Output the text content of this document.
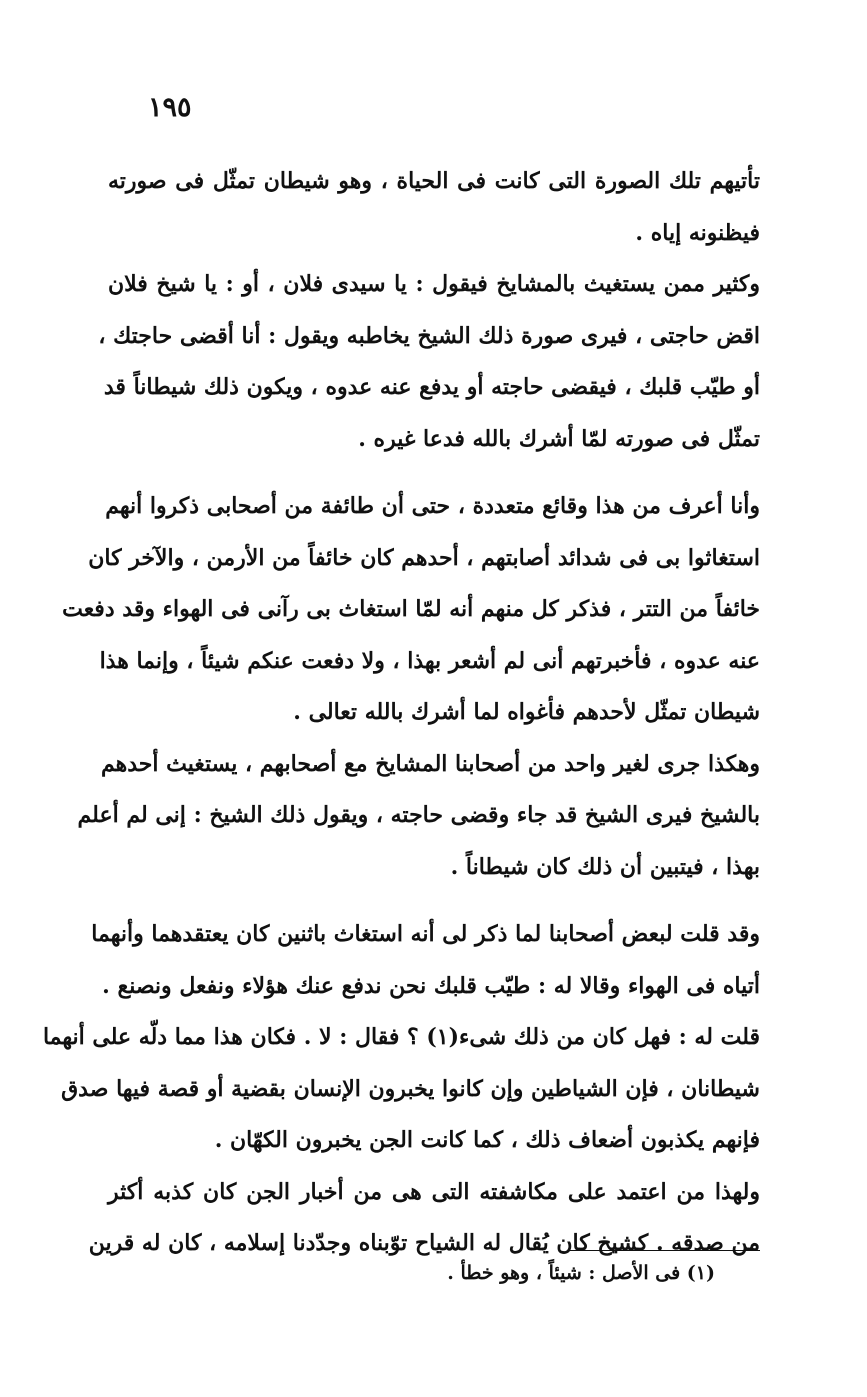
١٩٥
تأتيهم تلك الصورة التى كانت فى الحياة ، وهو شيطان تمثّل فى صورته
فيظنونه إياه .
وكثير ممن يستغيث بالمشايخ فيقول : يا سيدى فلان ، أو : يا شيخ فلان
اقض حاجتى ، فيرى صورة ذلك الشيخ يخاطبه ويقول : أنا أقضى حاجتك ،
أو طيّب قلبك ، فيقضى حاجته أو يدفع عنه عدوه ، ويكون ذلك شيطاناً قد
تمثّل فى صورته لمّا أشرك بالله فدعا غيره .
وأنا أعرف من هذا وقائع متعددة ، حتى أن طائفة من أصحابى ذكروا أنهم
استغاثوا بى فى شدائد أصابتهم ، أحدهم كان خائفاً من الأرمن ، والآخر كان
خائفاً من التتر ، فذكر كل منهم أنه لمّا استغاث بى رآنى فى الهواء وقد دفعت
عنه عدوه ، فأخبرتهم أنى لم أشعر بهذا ، ولا دفعت عنكم شيئاً ، وإنما هذا
شيطان تمثّل لأحدهم فأغواه لما أشرك بالله تعالى .
وهكذا جرى لغير واحد من أصحابنا المشايخ مع أصحابهم ، يستغيث أحدهم
بالشيخ فيرى الشيخ قد جاء وقضى حاجته ، ويقول ذلك الشيخ : إنى لم أعلم
بهذا ، فيتبين أن ذلك كان شيطاناً .
وقد قلت لبعض أصحابنا لما ذكر لى أنه استغاث باثنين كان يعتقدهما وأنهما
أتياه فى الهواء وقالا له : طيّب قلبك نحن ندفع عنك هؤلاء ونفعل ونصنع .
قلت له : فهل كان من ذلك شىء(١) ؟ فقال : لا . فكان هذا مما دلّه على أنهما
شيطانان ، فإن الشياطين وإن كانوا يخبرون الإنسان بقضية أو قصة فيها صدق
فإنهم يكذبون أضعاف ذلك ، كما كانت الجن يخبرون الكهّان .
ولهذا من اعتمد على مكاشفته التى هى من أخبار الجن كان كذبه أكثر
من صدقه . كشيخ كان يُقال له الشياح توّبناه وجدّدنا إسلامه ، كان له قرين
(١) فى الأصل : شيئاً ، وهو خطأ .
